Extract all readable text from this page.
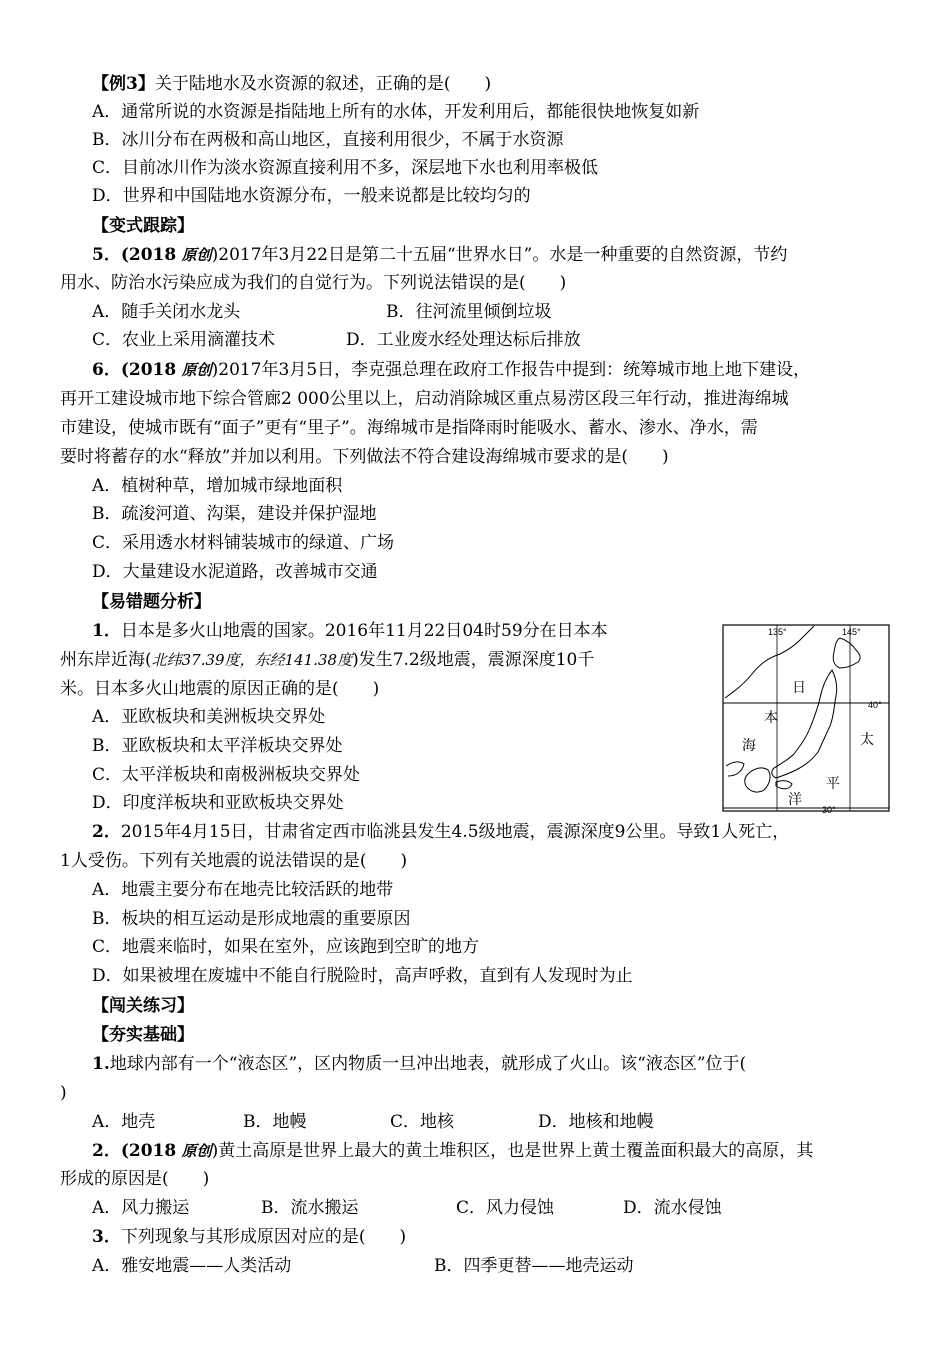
【例3】关于陆地水及水资源的叙述，正确的是(　　)
A．通常所说的水资源是指陆地上所有的水体，开发利用后，都能很快地恢复如新
B．冰川分布在两极和高山地区，直接利用很少，不属于水资源
C．目前冰川作为淡水资源直接利用不多，深层地下水也利用率极低
D．世界和中国陆地水资源分布，一般来说都是比较均匀的
【变式跟踪】
5．(2018 原创)2017年3月22日是第二十五届“世界水日”。水是一种重要的自然资源，节约
用水、防治水污染应成为我们的自觉行为。下列说法错误的是(　　)
A．随手关闭水龙头	B．往河流里倾倒垃圾
C．农业上采用滴灌技术	D．工业废水经处理达标后排放
6．(2018 原创)2017年3月5日，李克强总理在政府工作报告中提到：统筹城市地上地下建设，
再开工建设城市地下综合管廊2 000公里以上，启动消除城区重点易涝区段三年行动，推进海绵城
市建设，使城市既有“面子”更有“里子”。海绵城市是指降雨时能吸水、蓄水、渗水、净水，需
要时将蓄存的水“释放”并加以利用。下列做法不符合建设海绵城市要求的是(　　)
A．植树种草，增加城市绿地面积
B．疏浚河道、沟渠，建设并保护湿地
C．采用透水材料铺装城市的绿道、广场
D．大量建设水泥道路，改善城市交通
【易错题分析】
1．日本是多火山地震的国家。2016年11月22日04时59分在日本本
州东岸近海(北纬37.39度，东经141.38度)发生7.2级地震，震源深度10千
米。日本多火山地震的原因正确的是(　　)
A．亚欧板块和美洲板块交界处
B．亚欧板块和太平洋板块交界处
C．太平洋板块和南极洲板块交界处
D．印度洋板块和亚欧板块交界处
135°	145°
40°
30°
日
本
海	太
平
洋
2．2015年4月15日，甘肃省定西市临洮县发生4.5级地震，震源深度9公里。导致1人死亡，
1人受伤。下列有关地震的说法错误的是(　　)
A．地震主要分布在地壳比较活跃的地带
B．板块的相互运动是形成地震的重要原因
C．地震来临时，如果在室外，应该跑到空旷的地方
D．如果被埋在废墟中不能自行脱险时，高声呼救，直到有人发现时为止
【闯关练习】
【夯实基础】
1.地球内部有一个“液态区”，区内物质一旦冲出地表，就形成了火山。该“液态区”位于(
)
A．地壳	B．地幔	C．地核	D．地核和地幔
2．(2018 原创)黄土高原是世界上最大的黄土堆积区，也是世界上黄土覆盖面积最大的高原，其
形成的原因是(　　)
A．风力搬运	B．流水搬运	C．风力侵蚀	D．流水侵蚀
3．下列现象与其形成原因对应的是(　　)
A．雅安地震——人类活动	B．四季更替——地壳运动
